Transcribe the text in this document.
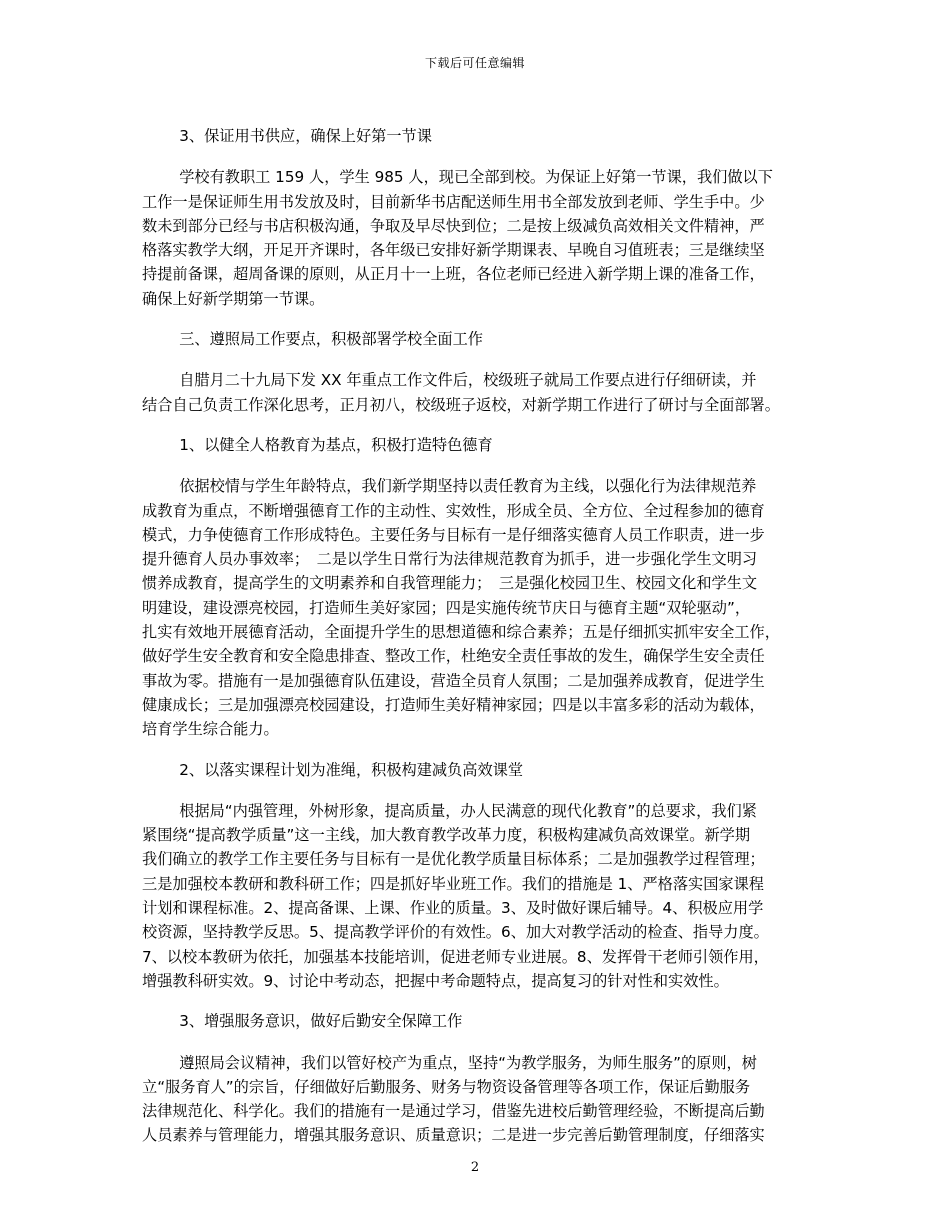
下载后可任意编辑

3、保证用书供应，确保上好第一节课

学校有教职工 159 人，学生 985 人，现已全部到校。为保证上好第一节课，我们做以下
工作一是保证师生用书发放及时，目前新华书店配送师生用书全部发放到老师、学生手中。少
数未到部分已经与书店积极沟通，争取及早尽快到位；二是按上级减负高效相关文件精神，严
格落实教学大纲，开足开齐课时，各年级已安排好新学期课表、早晚自习值班表；三是继续坚
持提前备课，超周备课的原则，从正月十一上班，各位老师已经进入新学期上课的准备工作，
确保上好新学期第一节课。

三、遵照局工作要点，积极部署学校全面工作

自腊月二十九局下发 XX 年重点工作文件后，校级班子就局工作要点进行仔细研读，并
结合自己负责工作深化思考，正月初八，校级班子返校，对新学期工作进行了研讨与全面部署。

1、以健全人格教育为基点，积极打造特色德育

依据校情与学生年龄特点，我们新学期坚持以责任教育为主线，以强化行为法律规范养
成教育为重点，不断增强德育工作的主动性、实效性，形成全员、全方位、全过程参加的德育
模式，力争使德育工作形成特色。主要任务与目标有一是仔细落实德育人员工作职责，进一步
提升德育人员办事效率；　二是以学生日常行为法律规范教育为抓手，进一步强化学生文明习
惯养成教育，提高学生的文明素养和自我管理能力；　三是强化校园卫生、校园文化和学生文
明建设，建设漂亮校园，打造师生美好家园；四是实施传统节庆日与德育主题“双轮驱动”，
扎实有效地开展德育活动，全面提升学生的思想道德和综合素养；五是仔细抓实抓牢安全工作，
做好学生安全教育和安全隐患排查、整改工作，杜绝安全责任事故的发生，确保学生安全责任
事故为零。措施有一是加强德育队伍建设，营造全员育人氛围；二是加强养成教育，促进学生
健康成长；三是加强漂亮校园建设，打造师生美好精神家园；四是以丰富多彩的活动为载体，
培育学生综合能力。

2、以落实课程计划为准绳，积极构建减负高效课堂

根据局“内强管理，外树形象，提高质量，办人民满意的现代化教育”的总要求，我们紧
紧围绕“提高教学质量”这一主线，加大教育教学改革力度，积极构建减负高效课堂。新学期
我们确立的教学工作主要任务与目标有一是优化教学质量目标体系；二是加强教学过程管理；
三是加强校本教研和教科研工作；四是抓好毕业班工作。我们的措施是 1、严格落实国家课程
计划和课程标准。2、提高备课、上课、作业的质量。3、及时做好课后辅导。4、积极应用学
校资源，坚持教学反思。5、提高教学评价的有效性。6、加大对教学活动的检查、指导力度。
7、以校本教研为依托，加强基本技能培训，促进老师专业进展。8、发挥骨干老师引领作用，
增强教科研实效。9、讨论中考动态，把握中考命题特点，提高复习的针对性和实效性。

3、增强服务意识，做好后勤安全保障工作

遵照局会议精神，我们以管好校产为重点，坚持“为教学服务，为师生服务”的原则，树
立“服务育人”的宗旨，仔细做好后勤服务、财务与物资设备管理等各项工作，保证后勤服务
法律规范化、科学化。我们的措施有一是通过学习，借鉴先进校后勤管理经验，不断提高后勤
人员素养与管理能力，增强其服务意识、质量意识；二是进一步完善后勤管理制度，仔细落实

2
